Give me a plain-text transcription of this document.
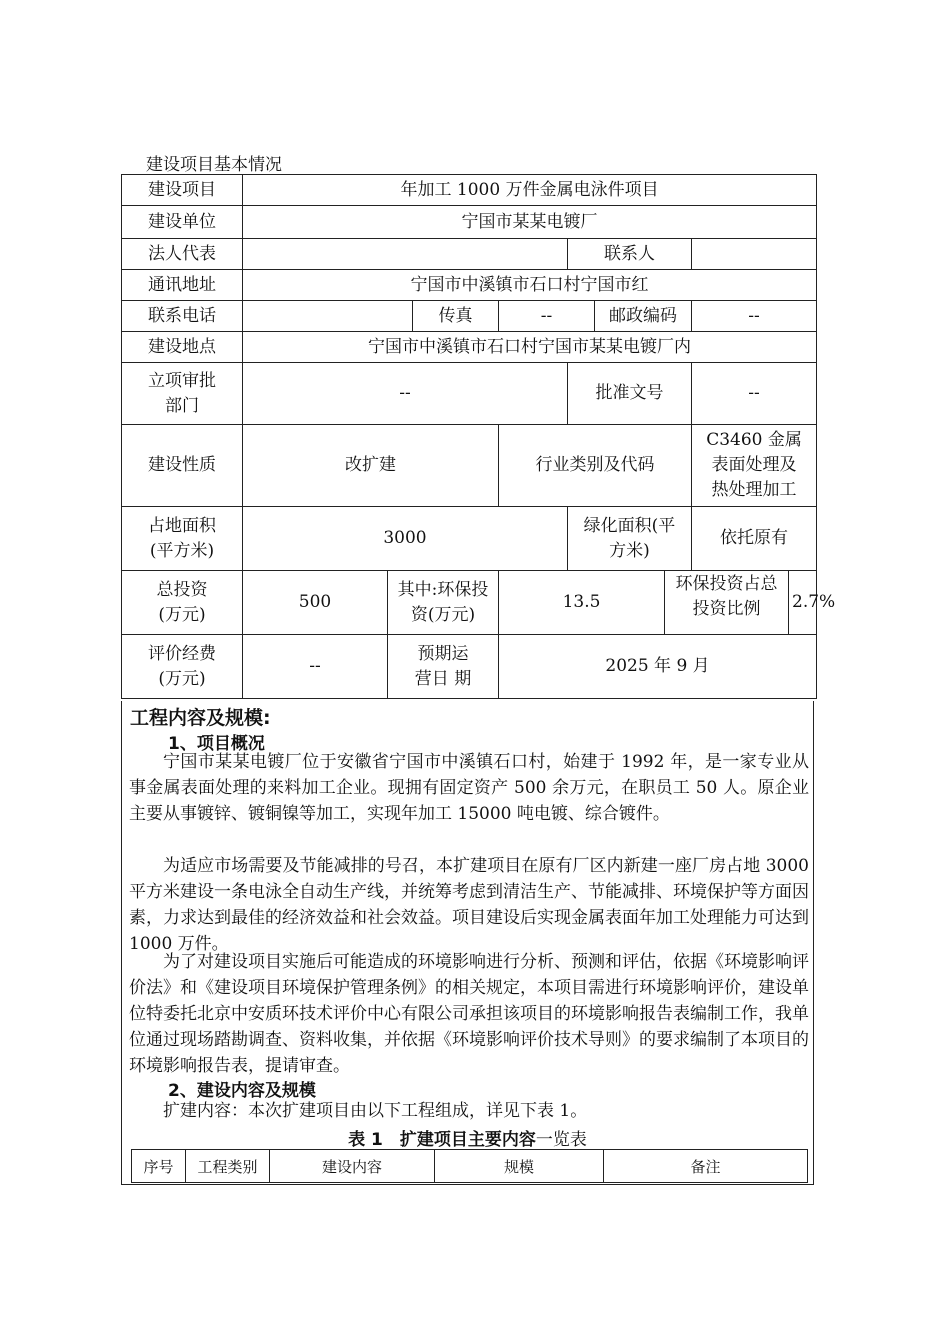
建设项目基本情况
建设项目	年加工 1000 万件金属电泳件项目								
建设单位	宁国市某某电镀厂								
法人代表					联系人				
通讯地址	宁国市中溪镇市石口村宁国市红								
联系电话			传真	--		邮政编码		--	
建设地点	宁国市中溪镇市石口村宁国市某某电镀厂内								
立项审批部门	--				批准文号			--	
建设性质	改扩建			行业类别及代码				C3460 金属表面处理及热处理加工	
占地面积(平方米)	3000				绿化面积(平方米)			依托原有	
总投资(万元)	500	其中:环保投资(万元)		13.5			环保投资占总投资比例		2.7%
评价经费(万元)	--	预期运营日 期		2025 年 9 月					
工程内容及规模:
1、项目概况

宁国市某某电镀厂位于安徽省宁国市中溪镇石口村，始建于 1992 年，是一家专业从事金属表面处理的来料加工企业。现拥有固定资产 500 余万元，在职员工 50 人。原企业主要从事镀锌、镀铜镍等加工，实现年加工 15000 吨电镀、综合镀件。

为适应市场需要及节能减排的号召，本扩建项目在原有厂区内新建一座厂房占地 3000 平方米建设一条电泳全自动生产线，并统筹考虑到清洁生产、节能减排、环境保护等方面因素，力求达到最佳的经济效益和社会效益。项目建设后实现金属表面年加工处理能力可达到 1000 万件。

为了对建设项目实施后可能造成的环境影响进行分析、预测和评估，依据《环境影响评价法》和《建设项目环境保护管理条例》的相关规定，本项目需进行环境影响评价，建设单位特委托北京中安质环技术评价中心有限公司承担该项目的环境影响报告表编制工作，我单位通过现场踏勘调查、资料收集，并依据《环境影响评价技术导则》的要求编制了本项目的环境影响报告表，提请审查。

2、建设内容及规模

扩建内容：本次扩建项目由以下工程组成，详见下表 1。

表 1　扩建项目主要内容一览表
序号	工程类别	建设内容	规模	备注
